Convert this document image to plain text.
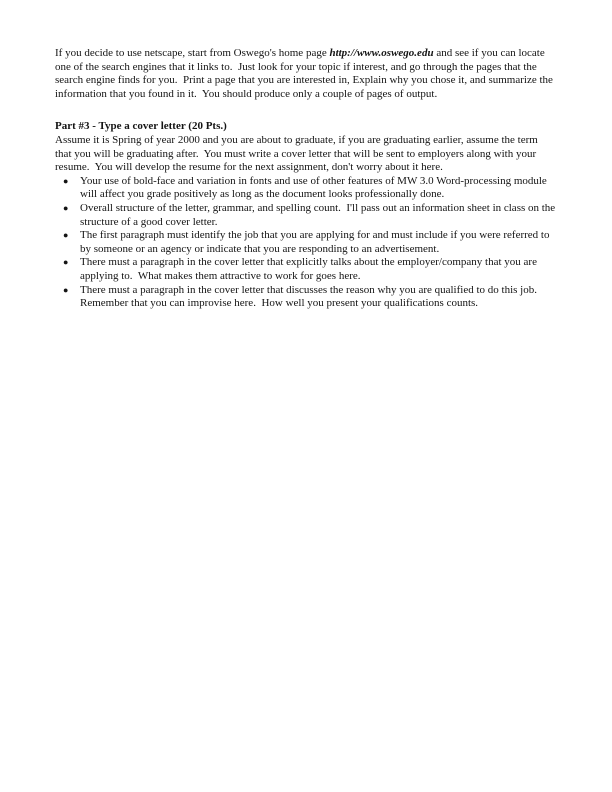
If you decide to use netscape, start from Oswego's home page http://www.oswego.edu and see if you can locate one of the search engines that it links to.  Just look for your topic if interest, and go through the pages that the search engine finds for you.  Print a page that you are interested in, Explain why you chose it, and summarize the information that you found in it.  You should produce only a couple of pages of output.

Part #3 - Type a cover letter (20 Pts.)

Assume it is Spring of year 2000 and you are about to graduate, if you are graduating earlier, assume the term that you will be graduating after.  You must write a cover letter that will be sent to employers along with your resume.  You will develop the resume for the next assignment, don't worry about it here.

● Your use of bold-face and variation in fonts and use of other features of MW 3.0 Word-processing module will affect you grade positively as long as the document looks professionally done.
● Overall structure of the letter, grammar, and spelling count.  I'll pass out an information sheet in class on the structure of a good cover letter.
● The first paragraph must identify the job that you are applying for and must include if you were referred to by someone or an agency or indicate that you are responding to an advertisement.
● There must a paragraph in the cover letter that explicitly talks about the employer/company that you are applying to.  What makes them attractive to work for goes here.
● There must a paragraph in the cover letter that discusses the reason why you are qualified to do this job.  Remember that you can improvise here.  How well you present your qualifications counts.
